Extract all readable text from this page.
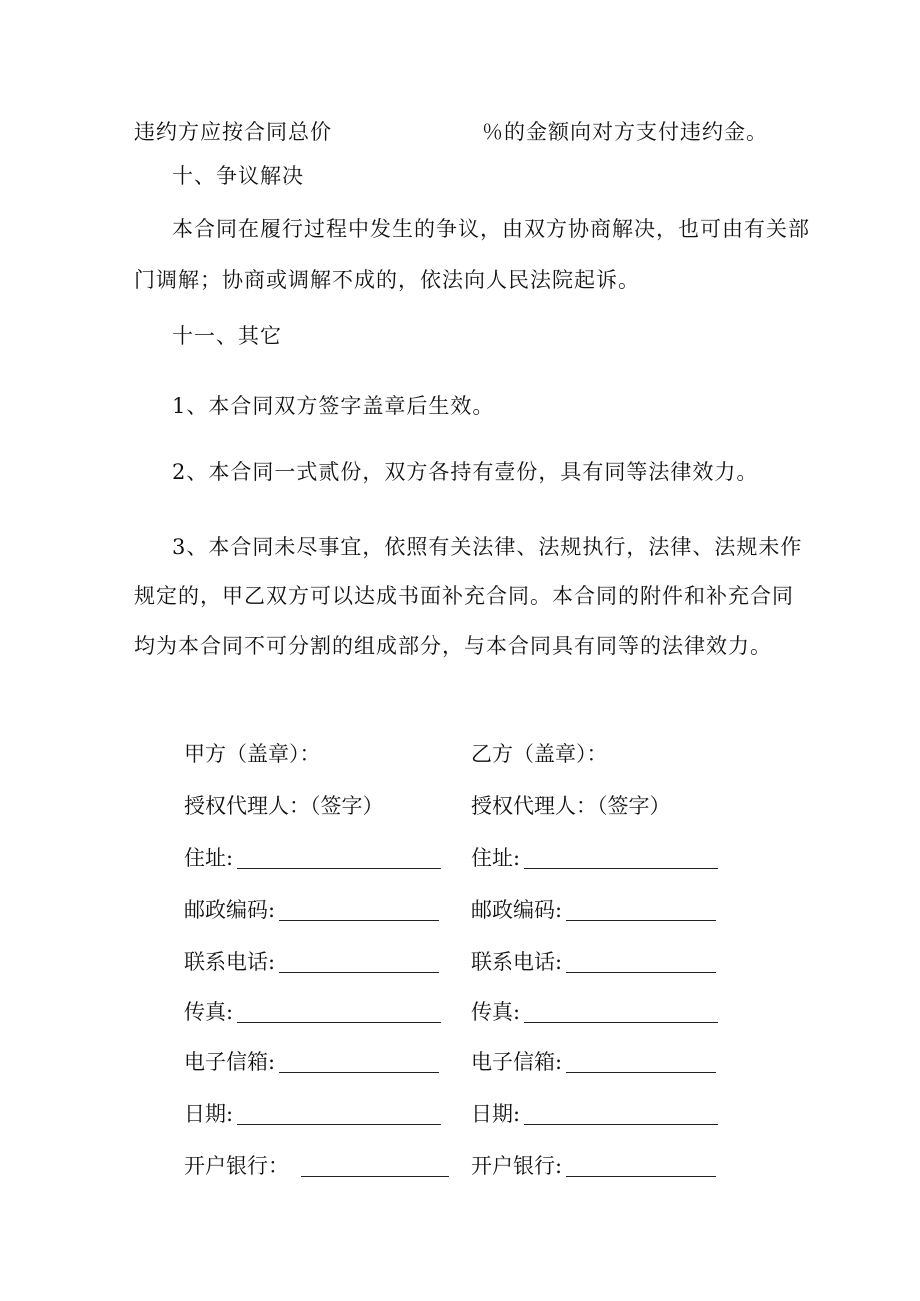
违约方应按合同总价	％的金额向对方支付违约金。
十、争议解决
本合同在履行过程中发生的争议，由双方协商解决，也可由有关部
门调解；协商或调解不成的，依法向人民法院起诉。
十一、其它
1、本合同双方签字盖章后生效。
2、本合同一式贰份，双方各持有壹份，具有同等法律效力。
3、本合同未尽事宜，依照有关法律、法规执行，法律、法规未作
规定的，甲乙双方可以达成书面补充合同。本合同的附件和补充合同
均为本合同不可分割的组成部分，与本合同具有同等的法律效力。
甲方（盖章）：
授权代理人：（签字）
住址:
邮政编码:
联系电话:
传真:
电子信箱:
日期:
开户银行：
乙方（盖章）：
授权代理人：（签字）
住址:
邮政编码:
联系电话:
传真:
电子信箱:
日期:
开户银行:
